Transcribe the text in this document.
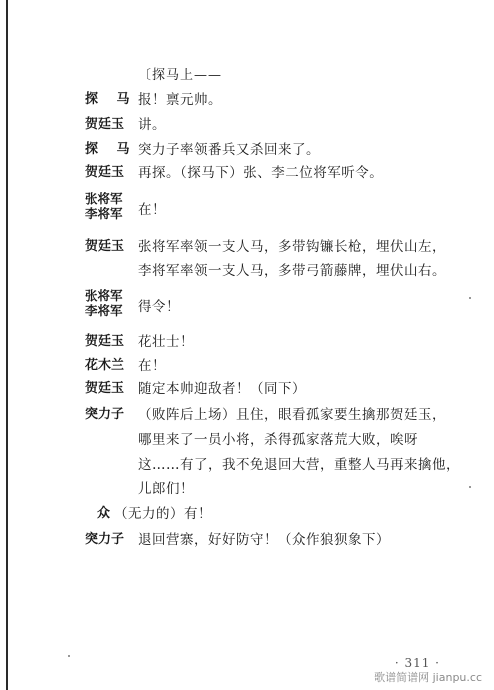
〔探马上——
探 马 报！禀元帅。
贺廷玉 讲。
探 马 突力子率领番兵又杀回来了。
贺廷玉 再探。（探马下）张、李二位将军听令。
张将军
李将军 在！
贺廷玉 张将军率领一支人马，多带钩镰长枪，埋伏山左，
李将军率领一支人马，多带弓箭藤牌，埋伏山右。
张将军
李将军 得令！
贺廷玉 花壮士！
花木兰 在！
贺廷玉 随定本帅迎敌者！（同下）
突力子 （败阵后上场）且住，眼看孤家要生擒那贺廷玉，
哪里来了一员小将，杀得孤家落荒大败，唉呀
这……有了，我不免退回大营，重整人马再来擒他，
儿郎们！
众 （无力的）有！
突力子 退回营寨，好好防守！（众作狼狈象下）
· 311 ·
歌谱简谱网 jianpu.cc
